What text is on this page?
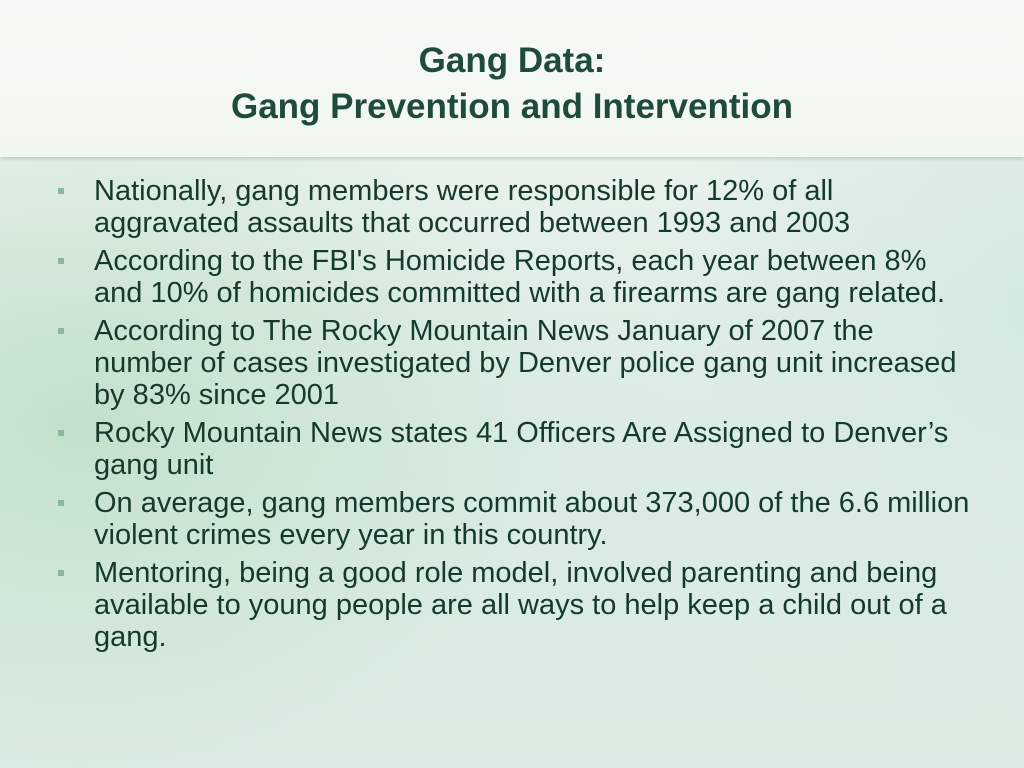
Gang Data:
Gang Prevention and Intervention
Nationally, gang members were responsible for 12% of all aggravated assaults that occurred between 1993 and 2003
According to the FBI's Homicide Reports, each year between 8% and 10% of homicides committed with a firearms are gang related.
According to The Rocky Mountain News January of 2007 the number of cases investigated by Denver police gang unit increased by 83% since 2001
Rocky Mountain News states 41 Officers Are Assigned to Denver’s gang unit
On average, gang members commit about 373,000 of the 6.6 million violent crimes every year in this country.
Mentoring, being a good role model, involved parenting and being available to young people are all ways to help keep a child out of a gang.
